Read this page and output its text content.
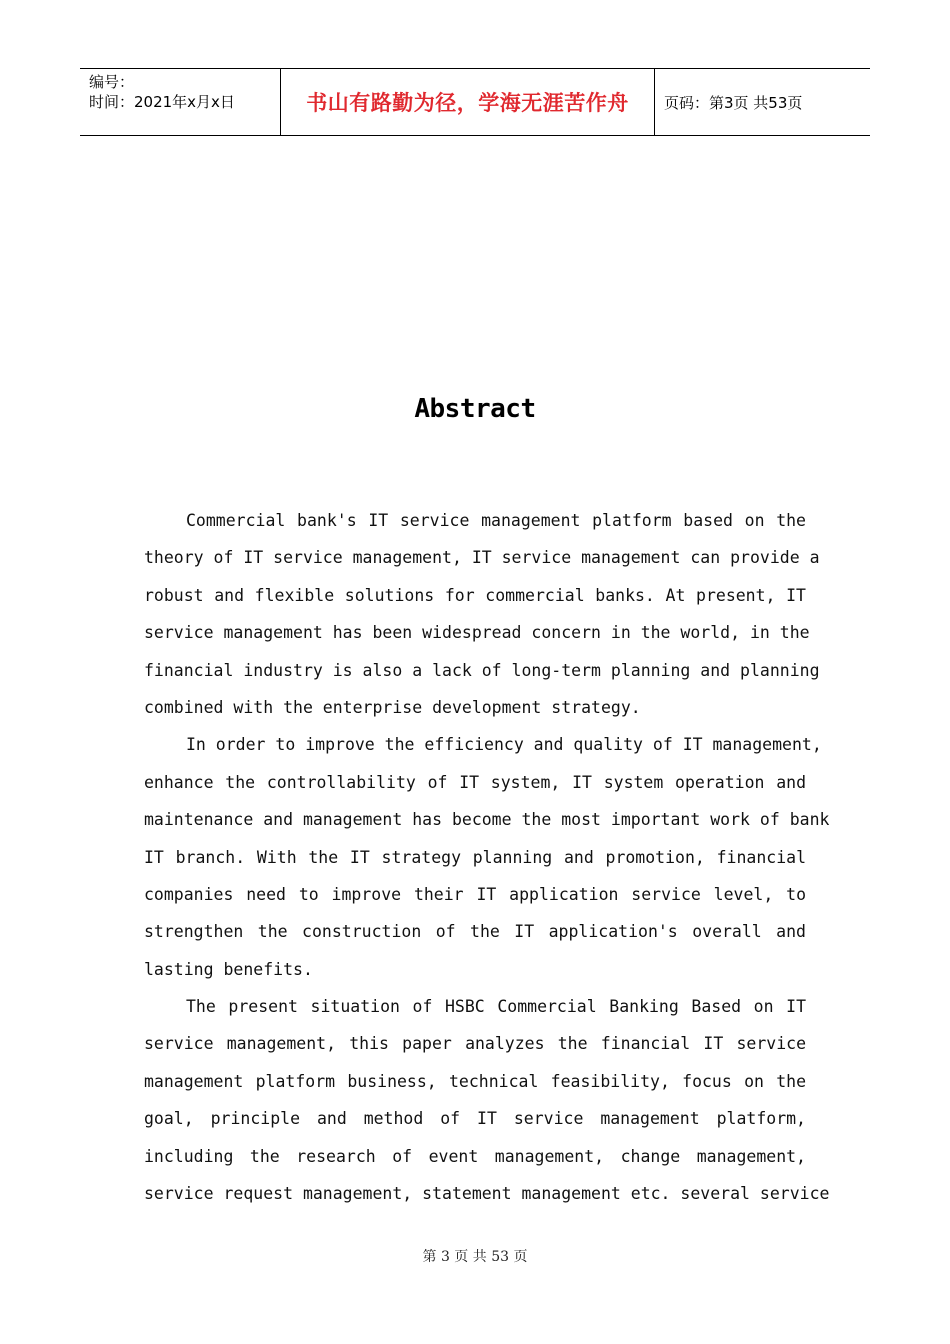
编号：
时间：2021年x月x日	书山有路勤为径，学海无涯苦作舟 页码：第3页 共53页
Abstract
Commercial bank's IT service management platform based on the
theory of IT service management, IT service management can provide a
robust and flexible solutions for commercial banks. At present, IT
service management has been widespread concern in the world, in the
financial industry is also a lack of long-term planning and planning
combined with the enterprise development strategy.
In order to improve the efficiency and quality of IT management,
enhance the controllability of IT system, IT system operation and
maintenance and management has become the most important work of bank
IT branch. With the IT strategy planning and promotion, financial
companies need to improve their IT application service level, to
strengthen the construction of the IT application's overall and
lasting benefits.
The present situation of HSBC Commercial Banking Based on IT
service management, this paper analyzes the financial IT service
management platform business, technical feasibility, focus on the
goal, principle and method of IT service management platform,
including the research of event management, change management,
service request management, statement management etc. several service
第 3 页 共 53 页
